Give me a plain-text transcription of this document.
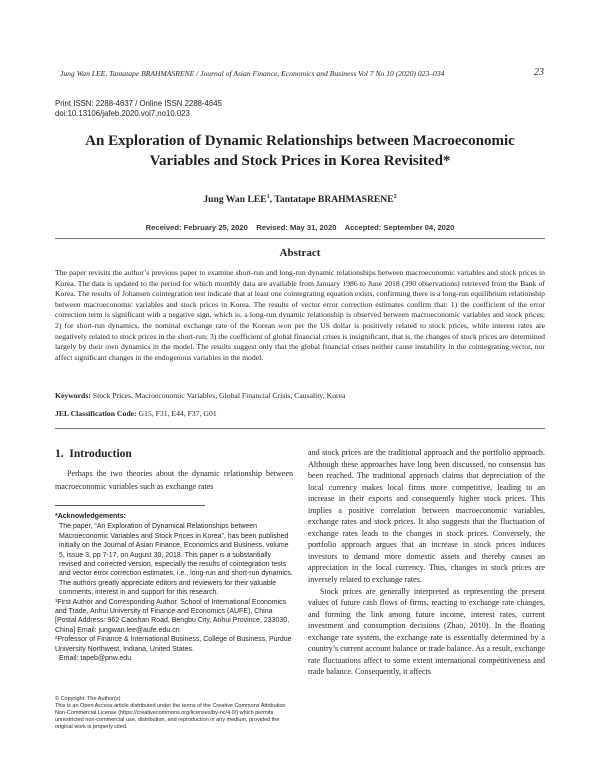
Jung Wan LEE, Tantatape BRAHMASRENE / Journal of Asian Finance, Economics and Business Vol 7 No 10 (2020) 023–034	23
Print ISSN: 2288-4637 / Online ISSN 2288-4645
doi:10.13106/jafeb.2020.vol7.no10.023
An Exploration of Dynamic Relationships between Macroeconomic Variables and Stock Prices in Korea Revisited*
Jung Wan LEE$^1$, Tantatape BRAHMASRENE$^2$
Received: February 25, 2020    Revised: May 31, 2020    Accepted: September 04, 2020
Abstract
The paper revisits the author’s previous paper to examine short-run and long-run dynamic relationships between macroeconomic variables and stock prices in Korea. The data is updated to the period for which monthly data are available from January 1986 to June 2018 (390 observations) retrieved from the Bank of Korea. The results of Johansen cointegration test indicate that at least one cointegrating equation exists, confirming there is a long-run equilibrium relationship between macroeconomic variables and stock prices in Korea. The results of vector error correction estimates confirm that: 1) the coefficient of the error correction term is significant with a negative sign, which is, a long-run dynamic relationship is observed between macroeconomic variables and stock prices; 2) for short-run dynamics, the nominal exchange rate of the Korean won per the US dollar is positively related to stock prices, while interest rates are negatively related to stock prices in the short-run; 3) the coefficient of global financial crises is insignificant, that is, the changes of stock prices are determined largely by their own dynamics in the model. The results suggest only that the global financial crises neither cause instability in the cointegrating vector, nor affect significant changes in the endogenous variables in the model.
Keywords: Stock Prices, Macroeconomic Variables, Global Financial Crisis, Causality, Korea
JEL Classification Code: G15, F31, E44, F37, G01
1.  Introduction
Perhaps the two theories about the dynamic relationship between macroeconomic variables such as exchange rates

*Acknowledgements:

The paper, “An Exploration of Dynamical Relationships between Macroeconomic Variables and Stock Prices in Korea”, has been published initially on the Journal of Asian Finance, Economics and Business, volume 5, issue 3, pp 7-17, on August 30, 2018. This paper is a substantially revised and corrected version, especially the results of cointegration tests and vector error correction estimates, i.e., long-run and short-run dynamics. The authors greatly appreciate editors and reviewers for their valuable comments, interest in and support for this research.

¹First Author and Corresponding Author. School of International Economics and Trade, Anhui University of Finance and Economics (AUFE), China [Postal Address: 962 Caoshan Road, Bengbu City, Anhui Province, 233030, China] Email: jungwan.lee@aufe.edu.cn

²Professor of Finance & International Business, College of Business, Purdue University Northwest, Indiana, United States.

Email: tapeb@pnw.edu

© Copyright: The Author(s)
This is an Open Access article distributed under the terms of the Creative Commons Attribution Non-Commercial License (https://creativecommons.org/licenses/by-nc/4.0/) which permits unrestricted non-commercial use, distribution, and reproduction in any medium, provided the original work is properly cited.

and stock prices are the traditional approach and the portfolio approach. Although these approaches have long been discussed, no consensus has been reached. The traditional approach claims that depreciation of the local currency makes local firms more competitive, leading to an increase in their exports and consequently higher stock prices. This implies a positive correlation between macroeconomic variables, exchange rates and stock prices. It also suggests that the fluctuation of exchange rates leads to the changes in stock prices. Conversely, the portfolio approach argues that an increase in stock prices induces investors to demand more domestic assets and thereby causes an appreciation in the local currency. Thus, changes in stock prices are inversely related to exchange rates.

Stock prices are generally interpreted as representing the present values of future cash flows of firms, reacting to exchange rate changes, and forming the link among future income, interest rates, current investment and consumption decisions (Zhao, 2010). In the floating exchange rate system, the exchange rate is essentially determined by a country’s current account balance or trade balance. As a result, exchange rate fluctuations affect to some extent international competitiveness and trade balance. Consequently, it affects
